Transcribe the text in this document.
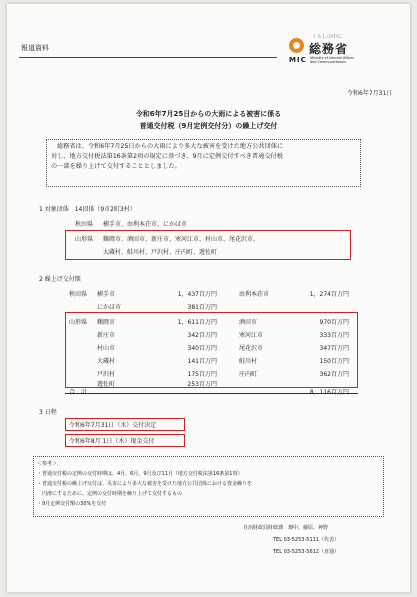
報道資料
くらしの中に
総務省
MIC Ministry of Internal Affairs
and Communications
令和6年7月31日
令和6年7月25日からの大雨による被害に係る
普通交付税（9月定例交付分）の繰上げ交付
総務省は、令和6年7月25日からの大雨により多大な被害を受けた地方公共団体に
対し、地方交付税法第16条第2項の規定に基づき、9月に定例交付すべき普通交付税
の一部を繰り上げて交付することとしました。
1 対象団体　14団体（9市2町3村）
秋田県 横手市、由利本荘市、にかほ市
山形県 鶴岡市、酒田市、新庄市、寒河江市、村山市、尾花沢市、
大蔵村、鮭川村、戸沢村、庄内町、遊佐町
2 繰上げ交付額
秋田県
山形県
横手市	1，437百万円	由利本荘市	1，274百万円
にかほ市	381百万円
鶴岡市	1，611百万円	酒田市	970百万円
新庄市	342百万円	寒河江市	333百万円
村山市	340百万円	尾花沢市	347百万円
大蔵村	141百万円	鮭川村	150百万円
戸沢村	175百万円	庄内町	362百万円
遊佐町	253百万円
合　計	8，116百万円
3 日程
令和6年7月31日（水）交付決定
令和6年8月 1日（木）現金交付
＜参考＞
・普通交付税の定例の交付時期は、4月、6月、9月及び11月（地方交付税法第16条第1項）
・普通交付税の繰上げ交付は、災害により多大な被害を受けた地方公共団体における資金繰りを
　円滑にするために、定例の交付時期を繰り上げて交付するもの
・9月定例交付額の30%を交付
自治財政局財政課　畑中、藤原、神野
TEL 03-5253-5111（代表）
TEL 03-5253-5612（直通）
